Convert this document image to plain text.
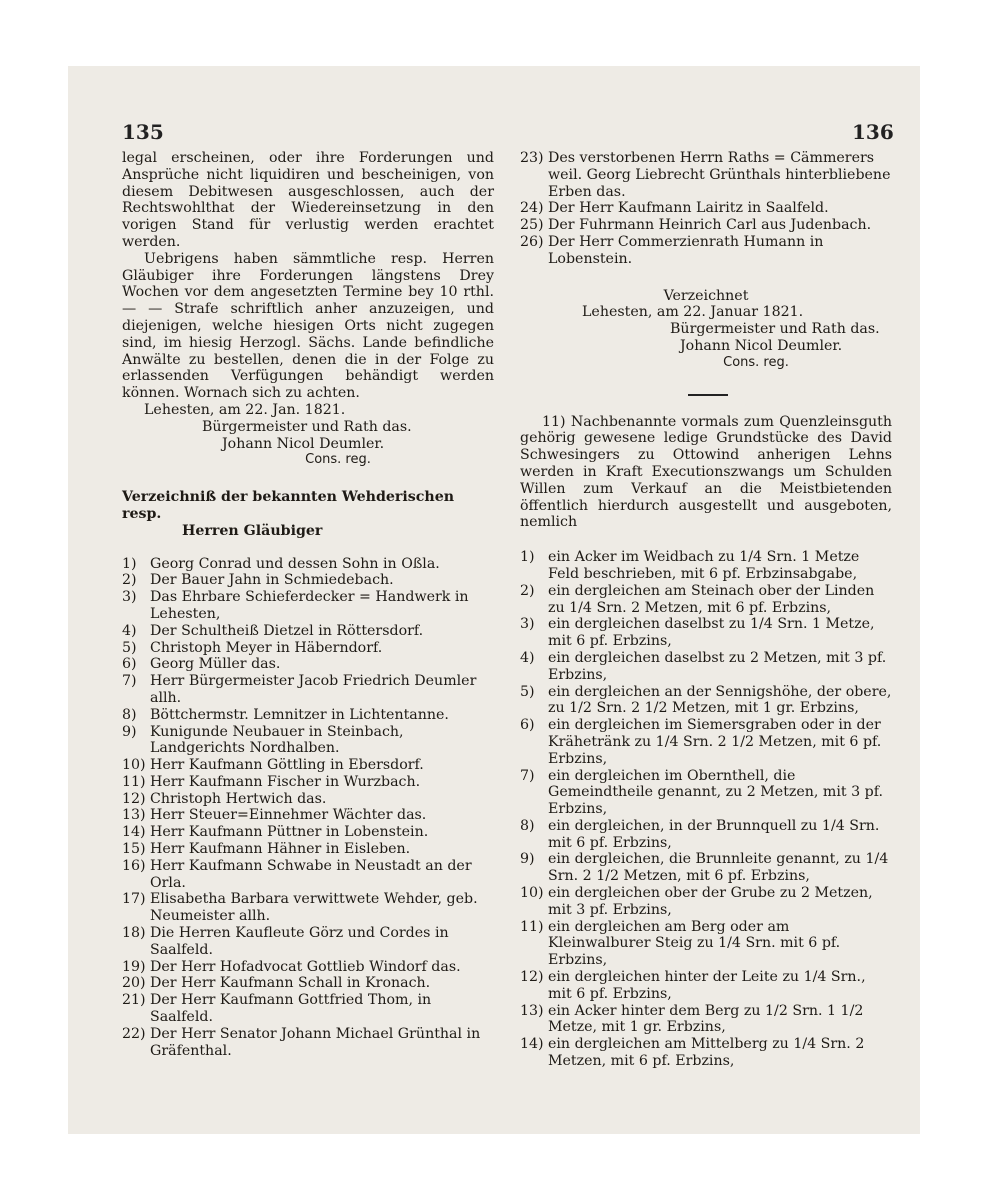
135	136

legal erscheinen, oder ihre Forderungen und Ansprüche nicht liquidiren und bescheinigen, von diesem Debitwesen ausgeschlossen, auch der Rechtswohlthat der Wiedereinsetzung in den vorigen Stand für verlustig werden erachtet werden.

Uebrigens haben sämmtliche resp. Herren Gläubiger ihre Forderungen längstens Drey Wochen vor dem angesetzten Termine bey 10 rthl. — — Strafe schriftlich anher anzuzeigen, und diejenigen, welche hiesigen Orts nicht zugegen sind, im hiesig Herzogl. Sächs. Lande befindliche Anwälte zu bestellen, denen die in der Folge zu erlassenden Verfügungen behändigt werden können. Wornach sich zu achten.

Lehesten, am 22. Jan. 1821.
Bürgermeister und Rath das.
Johann Nicol Deumler.
Cons. reg.
Verzeichniß der bekannten Wehderischen resp.
Herren Gläubiger
1) Georg Conrad und dessen Sohn in Oßla.
2) Der Bauer Jahn in Schmiedebach.
3) Das Ehrbare Schieferdecker = Handwerk in Lehesten,
4) Der Schultheiß Dietzel in Röttersdorf.
5) Christoph Meyer in Häberndorf.
6) Georg Müller das.
7) Herr Bürgermeister Jacob Friedrich Deumler allh.
8) Böttchermstr. Lemnitzer in Lichtentanne.
9) Kunigunde Neubauer in Steinbach, Landgerichts Nordhalben.
10) Herr Kaufmann Göttling in Ebersdorf.
11) Herr Kaufmann Fischer in Wurzbach.
12) Christoph Hertwich das.
13) Herr Steuer=Einnehmer Wächter das.
14) Herr Kaufmann Püttner in Lobenstein.
15) Herr Kaufmann Hähner in Eisleben.
16) Herr Kaufmann Schwabe in Neustadt an der Orla.
17) Elisabetha Barbara verwittwete Wehder, geb. Neumeister allh.
18) Die Herren Kaufleute Görz und Cordes in Saalfeld.
19) Der Herr Hofadvocat Gottlieb Windorf das.
20) Der Herr Kaufmann Schall in Kronach.
21) Der Herr Kaufmann Gottfried Thom, in Saalfeld.
22) Der Herr Senator Johann Michael Grünthal in Gräfenthal.
23) Des verstorbenen Herrn Raths = Cämmerers weil. Georg Liebrecht Grünthals hinterbliebene Erben das.
24) Der Herr Kaufmann Lairitz in Saalfeld.
25) Der Fuhrmann Heinrich Carl aus Judenbach.
26) Der Herr Commerzienrath Humann in Lobenstein.
Verzeichnet
Lehesten, am 22. Januar 1821.
Bürgermeister und Rath das.
Johann Nicol Deumler.
Cons. reg.

11) Nachbenannte vormals zum Quenzleinsguth gehörig gewesene ledige Grundstücke des David Schwesingers zu Ottowind anherigen Lehns werden in Kraft Executionszwangs um Schulden Willen zum Verkauf an die Meistbietenden öffentlich hierdurch ausgestellt und ausgeboten, nemlich

1) ein Acker im Weidbach zu 1/4 Srn. 1 Metze Feld beschrieben, mit 6 pf. Erbzinsabgabe,
2) ein dergleichen am Steinach ober der Linden zu 1/4 Srn. 2 Metzen, mit 6 pf. Erbzins,
3) ein dergleichen daselbst zu 1/4 Srn. 1 Metze, mit 6 pf. Erbzins,
4) ein dergleichen daselbst zu 2 Metzen, mit 3 pf. Erbzins,
5) ein dergleichen an der Sennigshöhe, der obere, zu 1/2 Srn. 2 1/2 Metzen, mit 1 gr. Erbzins,
6) ein dergleichen im Siemersgraben oder in der Krähetränk zu 1/4 Srn. 2 1/2 Metzen, mit 6 pf. Erbzins,
7) ein dergleichen im Obernthell, die Gemeindtheile genannt, zu 2 Metzen, mit 3 pf. Erbzins,
8) ein dergleichen, in der Brunnquell zu 1/4 Srn. mit 6 pf. Erbzins,
9) ein dergleichen, die Brunnleite genannt, zu 1/4 Srn. 2 1/2 Metzen, mit 6 pf. Erbzins,
10) ein dergleichen ober der Grube zu 2 Metzen, mit 3 pf. Erbzins,
11) ein dergleichen am Berg oder am Kleinwalburer Steig zu 1/4 Srn. mit 6 pf. Erbzins,
12) ein dergleichen hinter der Leite zu 1/4 Srn., mit 6 pf. Erbzins,
13) ein Acker hinter dem Berg zu 1/2 Srn. 1 1/2 Metze, mit 1 gr. Erbzins,
14) ein dergleichen am Mittelberg zu 1/4 Srn. 2 Metzen, mit 6 pf. Erbzins,
